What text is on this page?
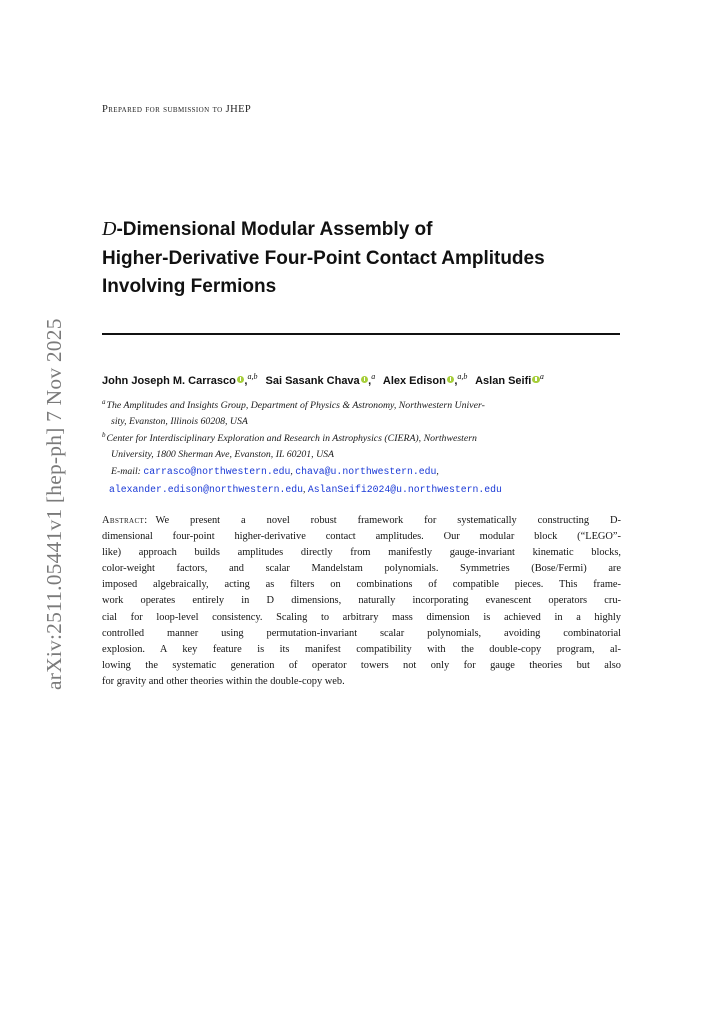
arXiv:2511.05441v1 [hep-ph] 7 Nov 2025
Prepared for submission to JHEP
D-Dimensional Modular Assembly of
Higher-Derivative Four-Point Contact Amplitudes
Involving Fermions
John Joseph M. Carrasco ,$^{a,b}$ Sai Sasank Chava ,$^a$ Alex Edison ,$^{a,b}$ Aslan Seifi $^a$
$^a$The Amplitudes and Insights Group, Department of Physics & Astronomy, Northwestern Univer-
sity, Evanston, Illinois 60208, USA
$^b$Center for Interdisciplinary Exploration and Research in Astrophysics (CIERA), Northwestern
University, 1800 Sherman Ave, Evanston, IL 60201, USA
E-mail: carrasco@northwestern.edu, chava@u.northwestern.edu,
alexander.edison@northwestern.edu, AslanSeifi2024@u.northwestern.edu
Abstract: We present a novel robust framework for systematically constructing D-
dimensional four-point higher-derivative contact amplitudes. Our modular block (“LEGO”-
like) approach builds amplitudes directly from manifestly gauge-invariant kinematic blocks,
color-weight factors, and scalar Mandelstam polynomials. Symmetries (Bose/Fermi) are
imposed algebraically, acting as filters on combinations of compatible pieces. This frame-
work operates entirely in D dimensions, naturally incorporating evanescent operators cru-
cial for loop-level consistency. Scaling to arbitrary mass dimension is achieved in a highly
controlled manner using permutation-invariant scalar polynomials, avoiding combinatorial
explosion. A key feature is its manifest compatibility with the double-copy program, al-
lowing the systematic generation of operator towers not only for gauge theories but also
for gravity and other theories within the double-copy web.
